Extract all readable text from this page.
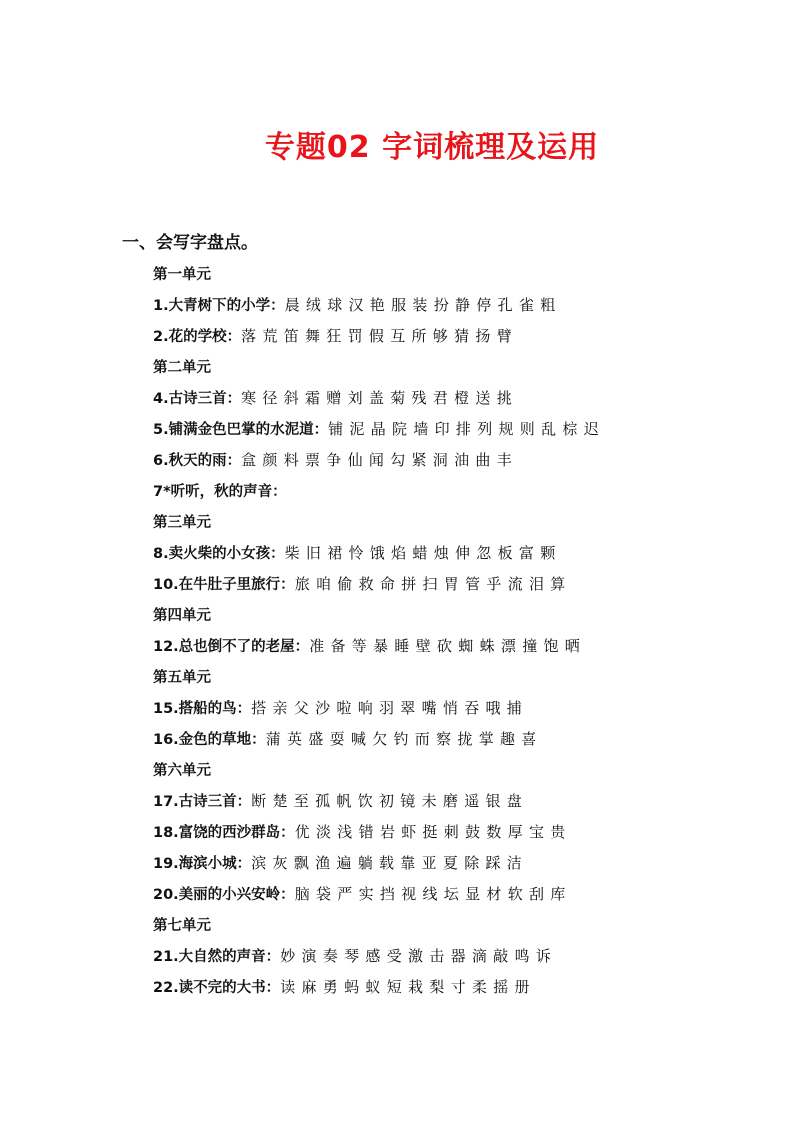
专题02 字词梳理及运用
一、会写字盘点。
第一单元
1.大青树下的小学：晨绒球汉艳服装扮静停孔雀粗
2.花的学校：落荒笛舞狂罚假互所够猜扬臂
第二单元
4.古诗三首：寒径斜霜赠刘盖菊残君橙送挑
5.铺满金色巴掌的水泥道：铺泥晶院墙印排列规则乱棕迟
6.秋天的雨：盒颜料票争仙闻勾紧洞油曲丰
7*听听，秋的声音：
第三单元
8.卖火柴的小女孩：柴旧裙怜饿焰蜡烛伸忽板富颗
10.在牛肚子里旅行：旅咱偷救命拼扫胃管乎流泪算
第四单元
12.总也倒不了的老屋：准备等暴睡壁砍蜘蛛漂撞饱晒
第五单元
15.搭船的鸟：搭亲父沙啦响羽翠嘴悄吞哦捕
16.金色的草地：蒲英盛耍喊欠钓而察拢掌趣喜
第六单元
17.古诗三首：断楚至孤帆饮初镜未磨遥银盘
18.富饶的西沙群岛：优淡浅错岩虾挺刺鼓数厚宝贵
19.海滨小城：滨灰飘渔遍躺载靠亚夏除踩洁
20.美丽的小兴安岭：脑袋严实挡视线坛显材软刮库
第七单元
21.大自然的声音：妙演奏琴感受激击器滴敲鸣诉
22.读不完的大书：读麻勇蚂蚁短栽梨寸柔摇册
